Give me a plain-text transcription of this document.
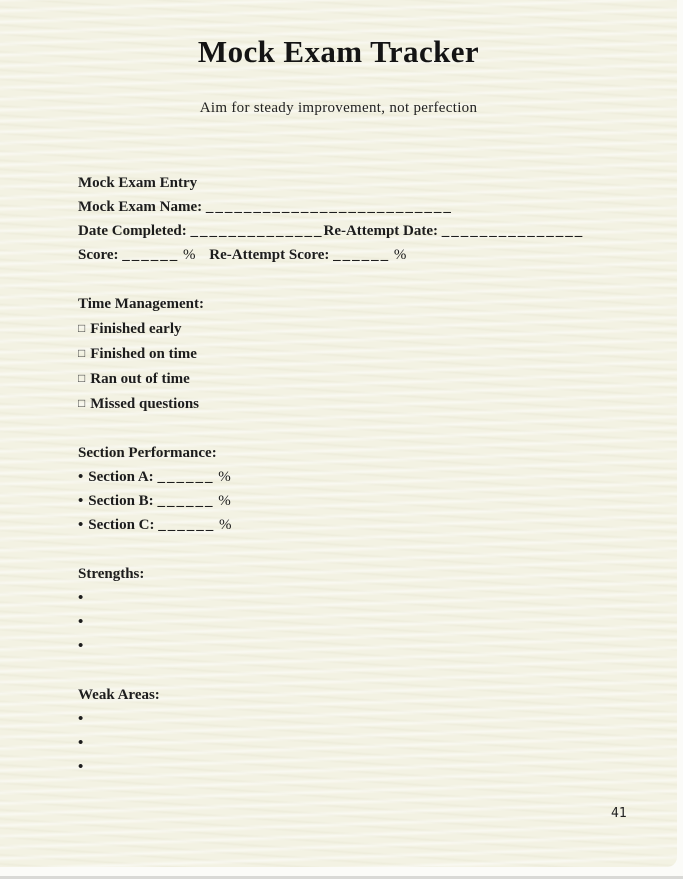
Mock Exam Tracker
Aim for steady improvement, not perfection
Mock Exam Entry
Mock Exam Name: __________________________
Date Completed: ______________Re-Attempt Date: _______________
Score: ______ % Re-Attempt Score: ______ %
Time Management:
□ Finished early
□ Finished on time
□ Ran out of time
□ Missed questions
Section Performance:
• Section A: ______ %
• Section B: ______ %
• Section C: ______ %
Strengths:
•
•
•
Weak Areas:
•
•
•
41
